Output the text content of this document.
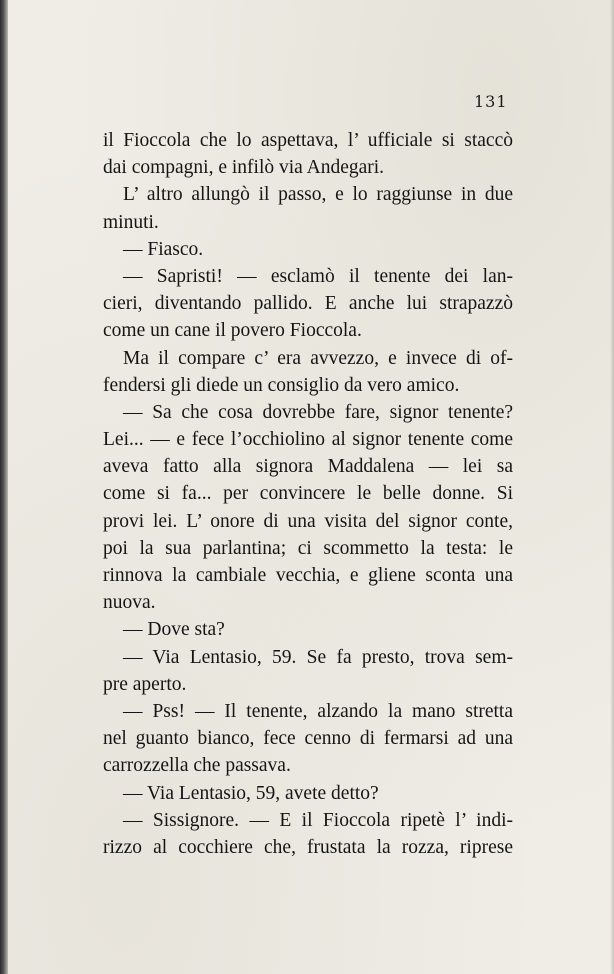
131
il Fioccola che lo aspettava, l’ ufficiale si staccò
dai compagni, e infilò via Andegari.
L’ altro allungò il passo, e lo raggiunse in due
minuti.
— Fiasco.
— Sapristi! — esclamò il tenente dei lan-
cieri, diventando pallido. E anche lui strapazzò
come un cane il povero Fioccola.
Ma il compare c’ era avvezzo, e invece di of-
fendersi gli diede un consiglio da vero amico.
— Sa che cosa dovrebbe fare, signor tenente?
Lei... — e fece l’occhiolino al signor tenente come
aveva fatto alla signora Maddalena — lei sa
come si fa... per convincere le belle donne. Si
provi lei. L’ onore di una visita del signor conte,
poi la sua parlantina; ci scommetto la testa: le
rinnova la cambiale vecchia, e gliene sconta una
nuova.
— Dove sta?
— Via Lentasio, 59. Se fa presto, trova sem-
pre aperto.
— Pss! — Il tenente, alzando la mano stretta
nel guanto bianco, fece cenno di fermarsi ad una
carrozzella che passava.
— Via Lentasio, 59, avete detto?
— Sissignore. — E il Fioccola ripetè l’ indi-
rizzo al cocchiere che, frustata la rozza, riprese
